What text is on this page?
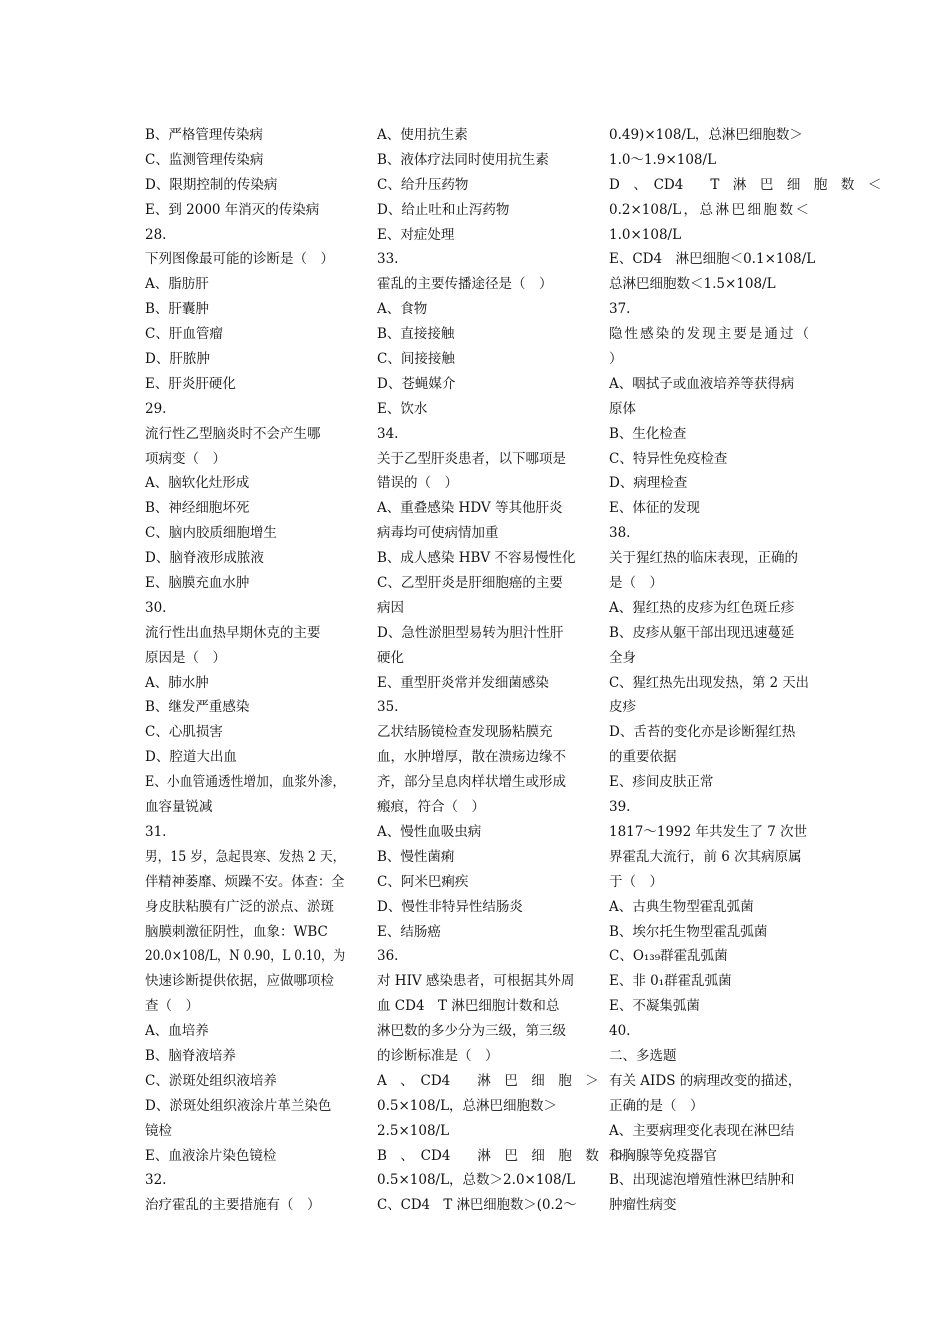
B、严格管理传染病
C、监测管理传染病
D、限期控制的传染病
E、到 2000 年消灭的传染病
28.
下列图像最可能的诊断是（　）
A、脂肪肝
B、肝囊肿
C、肝血管瘤
D、肝脓肿
E、肝炎肝硬化
29.
流行性乙型脑炎时不会产生哪
项病变（　）
A、脑软化灶形成
B、神经细胞坏死
C、脑内胶质细胞增生
D、脑脊液形成脓液
E、脑膜充血水肿
30.
流行性出血热早期休克的主要
原因是（　）
A、肺水肿
B、继发严重感染
C、心肌损害
D、腔道大出血
E、小血管通透性增加，血浆外渗，
血容量锐减
31.
男，15 岁，急起畏寒、发热 2 天，
伴精神萎靡、烦躁不安。体查：全
身皮肤粘膜有广泛的淤点、淤斑
脑膜刺激征阴性，血象：WBC
20.0×108/L，N 0.90，L 0.10，为
快速诊断提供依据，应做哪项检
查（　）
A、血培养
B、脑脊液培养
C、淤斑处组织液培养
D、淤斑处组织液涂片革兰染色
镜检
E、血液涂片染色镜检
32.
治疗霍乱的主要措施有（　）
A、使用抗生素
B、液体疗法同时使用抗生素
C、给升压药物
D、给止吐和止泻药物
E、对症处理
33.
霍乱的主要传播途径是（　）
A、食物
B、直接接触
C、间接接触
D、苍蝇媒介
E、饮水
34.
关于乙型肝炎患者，以下哪项是
错误的（　）
A、重叠感染 HDV 等其他肝炎
病毒均可使病情加重
B、成人感染 HBV 不容易慢性化
C、乙型肝炎是肝细胞癌的主要
病因
D、急性淤胆型易转为胆汁性肝
硬化
E、重型肝炎常并发细菌感染
35.
乙状结肠镜检查发现肠粘膜充
血，水肿增厚，散在溃疡边缘不
齐，部分呈息肉样状增生或形成
瘢痕，符合（　）
A、慢性血吸虫病
B、慢性菌痢
C、阿米巴痢疾
D、慢性非特异性结肠炎
E、结肠癌
36.
对 HIV 感染患者，可根据其外周
血 CD4　T 淋巴细胞计数和总
淋巴数的多少分为三级，第三级
的诊断标准是（　）
A　、　CD4　　淋　巴　细　胞　＞
0.5×108/L，总淋巴细胞数＞
2.5×108/L
B　、　CD4　　淋　巴　细　胞　数　＞
0.5×108/L，总数＞2.0×108/L
C、CD4　T 淋巴细胞数＞(0.2～
0.49)×108/L，总淋巴细胞数＞
1.0～1.9×108/L
D　、　CD4　　T　淋　巴　细　胞　数　＜
0.2×108/L，总淋巴细胞数＜
1.0×108/L
E、CD4　淋巴细胞＜0.1×108/L
总淋巴细胞数＜1.5×108/L
37.
隐性感染的发现主要是通过（
）
A、咽拭子或血液培养等获得病
原体
B、生化检查
C、特异性免疫检查
D、病理检查
E、体征的发现
38.
关于猩红热的临床表现，正确的
是（　）
A、猩红热的皮疹为红色斑丘疹
B、皮疹从躯干部出现迅速蔓延
全身
C、猩红热先出现发热，第 2 天出
皮疹
D、舌苔的变化亦是诊断猩红热
的重要依据
E、疹间皮肤正常
39.
1817～1992 年共发生了 7 次世
界霍乱大流行，前 6 次其病原属
于（　）
A、古典生物型霍乱弧菌
B、埃尔托生物型霍乱弧菌
C、O₁₃₉群霍乱弧菌
E、非 0₁群霍乱弧菌
E、不凝集弧菌
40.
二、多选题
有关 AIDS 的病理改变的描述，
正确的是（　）
A、主要病理变化表现在淋巴结
和胸腺等免疫器官
B、出现滤泡增殖性淋巴结肿和
肿瘤性病变
